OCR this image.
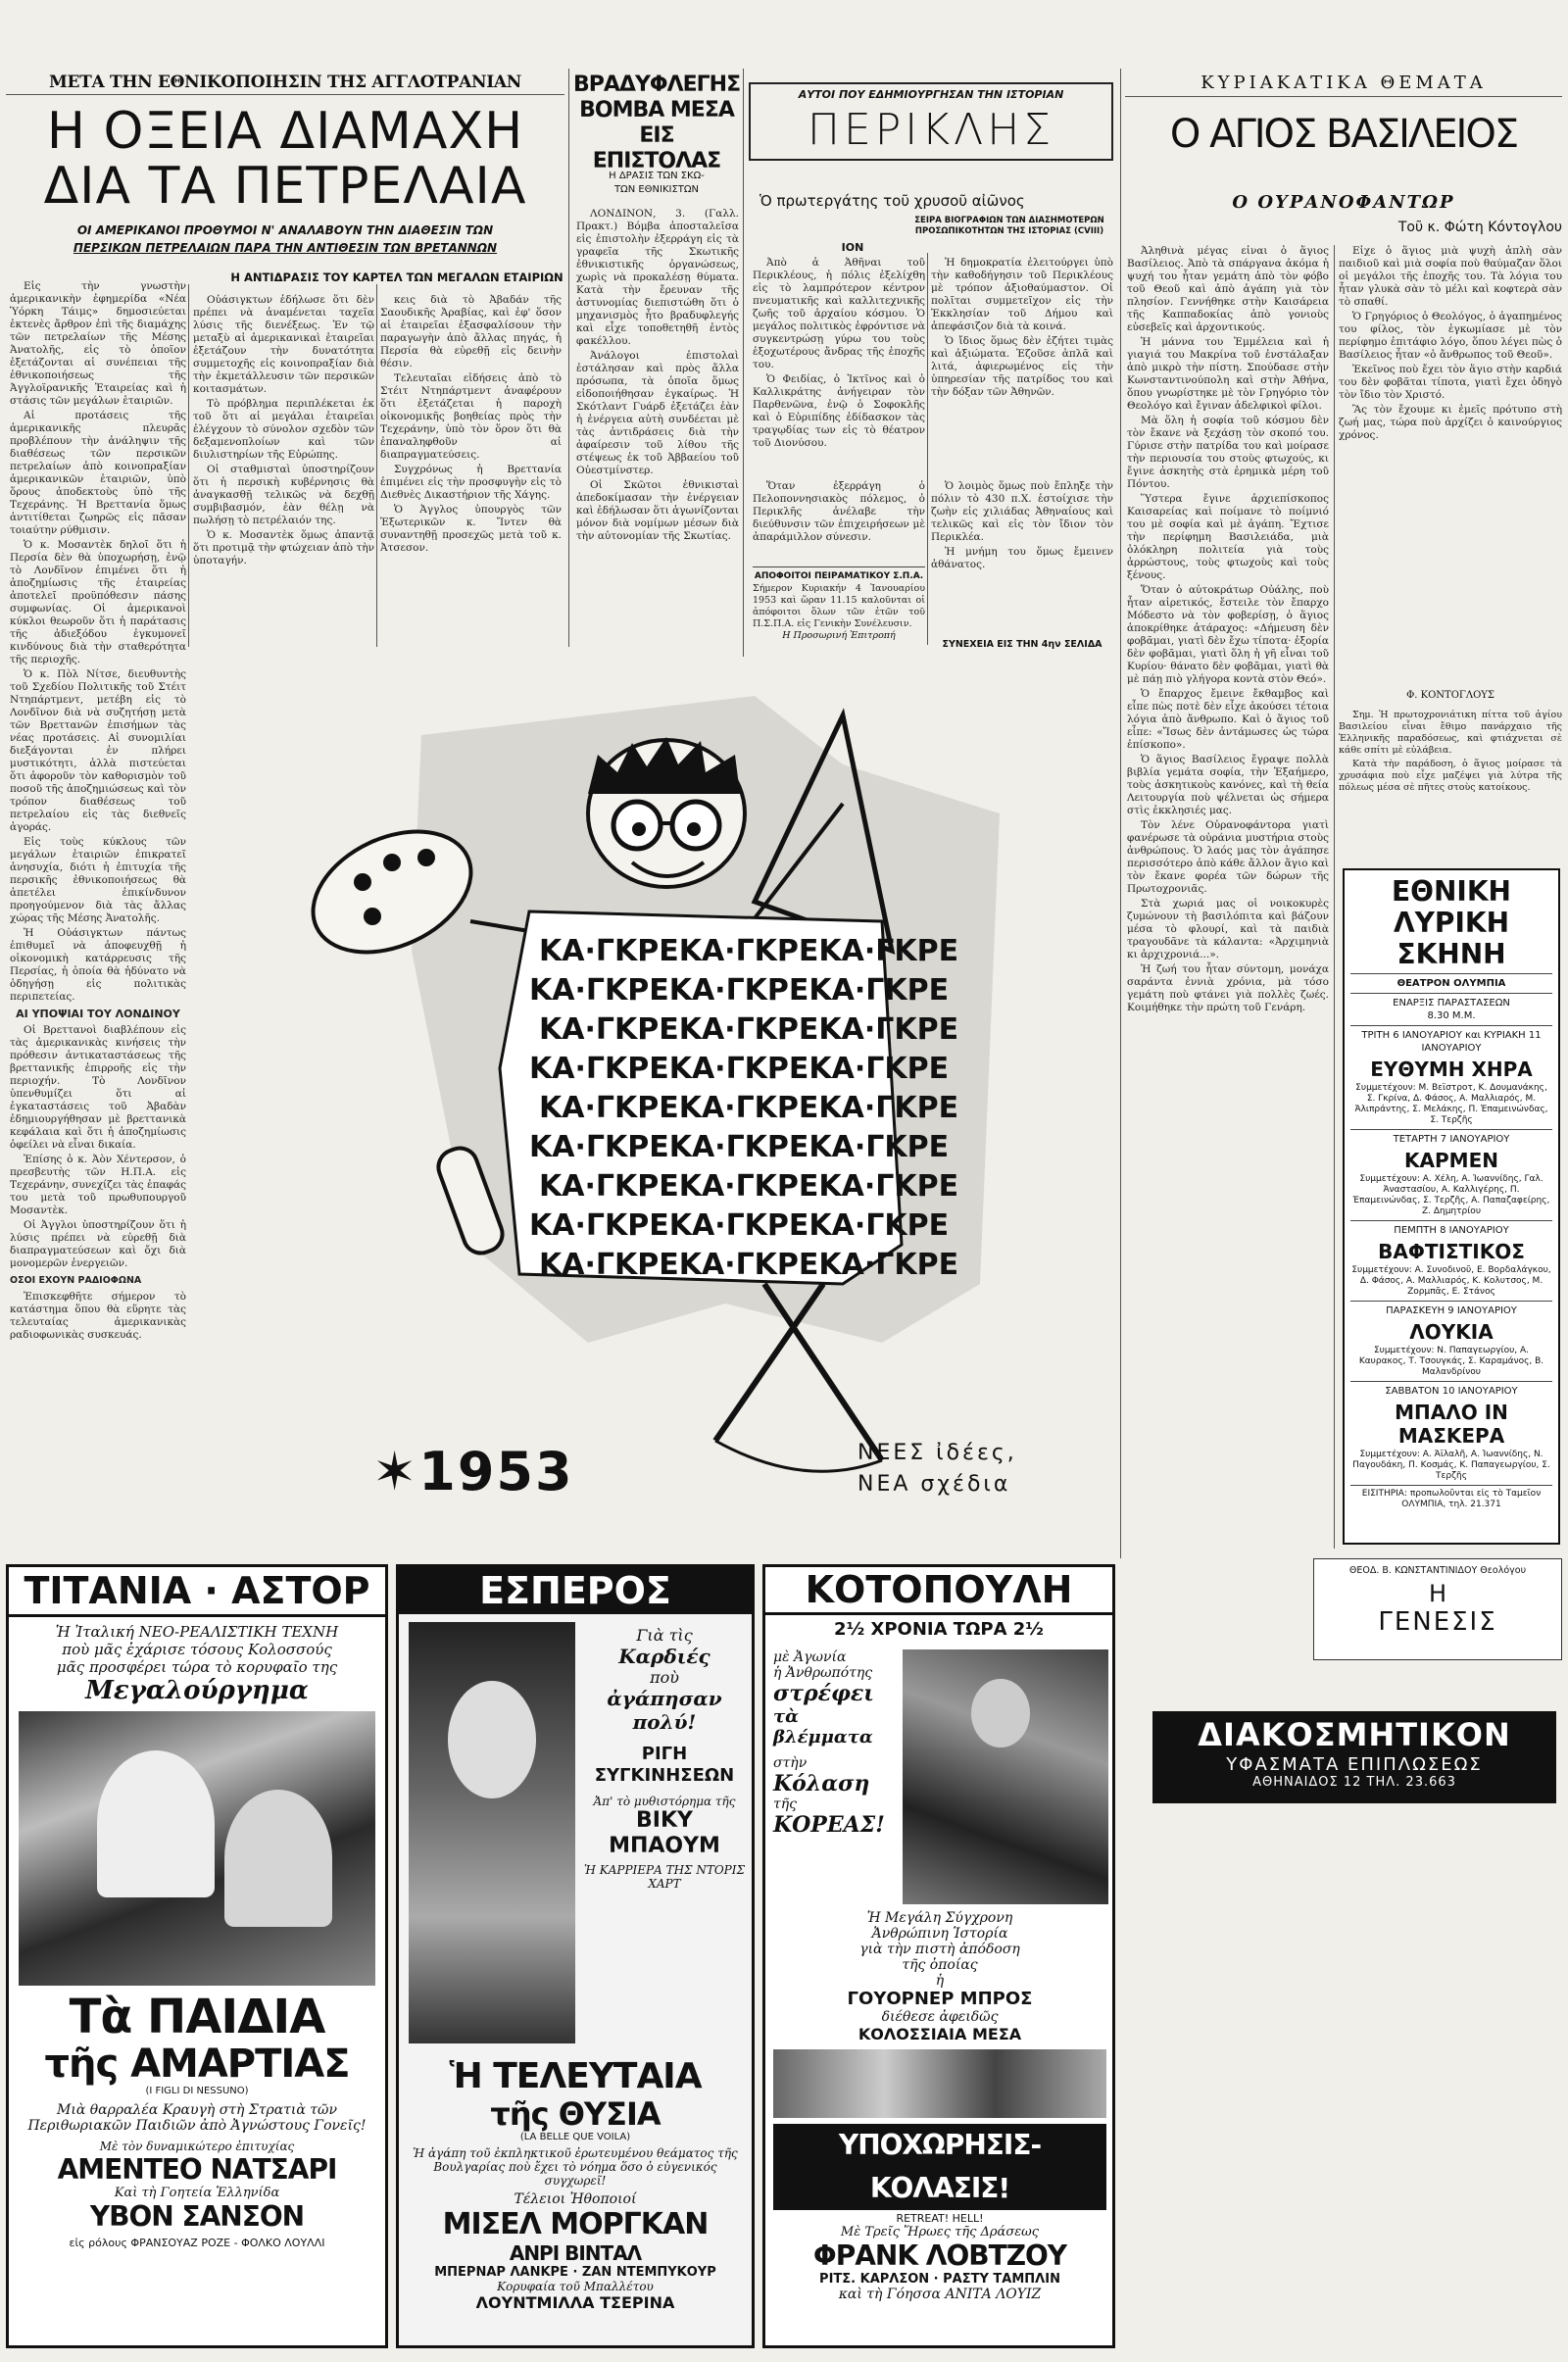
ΜΕΤΑ ΤΗΝ ΕΘΝΙΚΟΠΟΙΗΣΙΝ ΤΗΣ ΑΓΓΛΟΤΡΑΝΙΑΝ
Η ΟΞΕΙΑ ΔΙΑΜΑΧΗ
ΔΙΑ ΤΑ ΠΕΤΡΕΛΑΙΑ
ΟΙ ΑΜΕΡΙΚΑΝΟΙ ΠΡΟΘΥΜΟΙ Ν' ΑΝΑΛΑΒΟΥΝ ΤΗΝ ΔΙΑΘΕΣΙΝ ΤΩΝ
ΠΕΡΣΙΚΩΝ ΠΕΤΡΕΛΑΙΩΝ ΠΑΡΑ ΤΗΝ ΑΝΤΙΘΕΣΙΝ ΤΩΝ ΒΡΕΤΑΝΝΩΝ
Η ΑΝΤΙΔΡΑΣΙΣ ΤΟΥ ΚΑΡΤΕΛ ΤΩΝ ΜΕΓΑΛΩΝ ΕΤΑΙΡΙΩΝ

Εἰς τὴν γνωστὴν ἀμερικανικὴν ἐφημερίδα «Νέα Ὑόρκη Τάιμς» δημοσιεύεται ἐκτενὲς ἄρθρον ἐπὶ τῆς διαμάχης τῶν πετρελαίων τῆς Μέσης Ἀνατολῆς, εἰς τὸ ὁποῖον ἐξετάζονται αἱ συνέπειαι τῆς ἐθνικοποιήσεως τῆς Ἀγγλοϊρανικῆς Ἑταιρείας καὶ ἡ στάσις τῶν μεγάλων ἑταιριῶν.

Αἱ προτάσεις τῆς ἀμερικανικῆς πλευρᾶς προβλέπουν τὴν ἀνάληψιν τῆς διαθέσεως τῶν περσικῶν πετρελαίων ἀπὸ κοινοπραξίαν ἀμερικανικῶν ἑταιριῶν, ὑπὸ ὅρους ἀποδεκτοὺς ὑπὸ τῆς Τεχεράνης. Ἡ Βρεττανία ὅμως ἀντιτίθεται ζωηρῶς εἰς πᾶσαν τοιαύτην ρύθμισιν.

Ὁ κ. Μοσαντὲκ δηλοῖ ὅτι ἡ Περσία δὲν θὰ ὑποχωρήσῃ, ἐνῷ τὸ Λονδῖνον ἐπιμένει ὅτι ἡ ἀποζημίωσις τῆς ἑταιρείας ἀποτελεῖ προϋπόθεσιν πάσης συμφωνίας. Οἱ ἀμερικανοὶ κύκλοι θεωροῦν ὅτι ἡ παράτασις τῆς ἀδιεξόδου ἐγκυμονεῖ κινδύνους διὰ τὴν σταθερότητα τῆς περιοχῆς.

Ὁ κ. Πὸλ Νίτσε, διευθυντὴς τοῦ Σχεδίου Πολιτικῆς τοῦ Στέιτ Ντηπάρτμεντ, μετέβη εἰς τὸ Λονδῖνον διὰ νὰ συζητήσῃ μετὰ τῶν Βρεττανῶν ἐπισήμων τὰς νέας προτάσεις. Αἱ συνομιλίαι διεξάγονται ἐν πλήρει μυστικότητι, ἀλλὰ πιστεύεται ὅτι ἀφοροῦν τὸν καθορισμὸν τοῦ ποσοῦ τῆς ἀποζημιώσεως καὶ τὸν τρόπον διαθέσεως τοῦ πετρελαίου εἰς τὰς διεθνεῖς ἀγοράς.

Εἰς τοὺς κύκλους τῶν μεγάλων ἑταιριῶν ἐπικρατεῖ ἀνησυχία, διότι ἡ ἐπιτυχία τῆς περσικῆς ἐθνικοποιήσεως θὰ ἀπετέλει ἐπικίνδυνον προηγούμενον διὰ τὰς ἄλλας χώρας τῆς Μέσης Ἀνατολῆς.

Ἡ Οὐάσιγκτων πάντως ἐπιθυμεῖ νὰ ἀποφευχθῇ ἡ οἰκονομικὴ κατάρρευσις τῆς Περσίας, ἡ ὁποία θὰ ἠδύνατο νὰ ὁδηγήσῃ εἰς πολιτικὰς περιπετείας.

ΑΙ ΥΠΟΨΙΑΙ ΤΟΥ ΛΟΝΔΙΝΟΥ

Οἱ Βρεττανοὶ διαβλέπουν εἰς τὰς ἀμερικανικὰς κινήσεις τὴν πρόθεσιν ἀντικαταστάσεως τῆς βρεττανικῆς ἐπιρροῆς εἰς τὴν περιοχήν. Τὸ Λονδῖνον ὑπενθυμίζει ὅτι αἱ ἐγκαταστάσεις τοῦ Ἀβαδὰν ἐδημιουργήθησαν μὲ βρεττανικὰ κεφάλαια καὶ ὅτι ἡ ἀποζημίωσις ὀφείλει νὰ εἶναι δικαία.

Ἐπίσης ὁ κ. Ἀὸν Χέντερσον, ὁ πρεσβευτὴς τῶν Η.Π.Α. εἰς Τεχεράνην, συνεχίζει τὰς ἐπαφάς του μετὰ τοῦ πρωθυπουργοῦ Μοσαντὲκ.

Οἱ Ἀγγλοι ὑποστηρίζουν ὅτι ἡ λύσις πρέπει νὰ εὑρεθῇ διὰ διαπραγματεύσεων καὶ ὄχι διὰ μονομερῶν ἐνεργειῶν.

ΟΣΟΙ ΕΧΟΥΝ ΡΑΔΙΟΦΩΝΑ

Ἐπισκεφθῆτε σήμερον τὸ κατάστημα ὅπου θὰ εὕρητε τὰς τελευταίας ἀμερικανικὰς ραδιοφωνικὰς συσκευάς.

Οὐάσιγκτων ἐδήλωσε ὅτι δὲν πρέπει νὰ ἀναμένεται ταχεῖα λύσις τῆς διενέξεως. Ἐν τῷ μεταξὺ αἱ ἀμερικανικαὶ ἑταιρεῖαι ἐξετάζουν τὴν δυνατότητα συμμετοχῆς εἰς κοινοπραξίαν διὰ τὴν ἐκμετάλλευσιν τῶν περσικῶν κοιτασμάτων.

Τὸ πρόβλημα περιπλέκεται ἐκ τοῦ ὅτι αἱ μεγάλαι ἑταιρεῖαι ἐλέγχουν τὸ σύνολον σχεδὸν τῶν δεξαμενοπλοίων καὶ τῶν διυλιστηρίων τῆς Εὐρώπης.

Οἱ σταθμισταὶ ὑποστηρίζουν ὅτι ἡ περσικὴ κυβέρνησις θὰ ἀναγκασθῇ τελικῶς νὰ δεχθῇ συμβιβασμόν, ἐὰν θέλῃ νὰ πωλήσῃ τὸ πετρέλαιόν της.

Ὁ κ. Μοσαντὲκ ὅμως ἀπαντᾷ ὅτι προτιμᾷ τὴν φτώχειαν ἀπὸ τὴν ὑποταγήν.

κεις διὰ τὸ Ἀβαδάν τῆς Σαουδικῆς Ἀραβίας, καὶ ἐφ' ὅσον αἱ ἑταιρεῖαι ἐξασφαλίσουν τὴν παραγωγὴν ἀπὸ ἄλλας πηγάς, ἡ Περσία θὰ εὑρεθῇ εἰς δεινὴν θέσιν.

Τελευταῖαι εἰδήσεις ἀπὸ τὸ Στέιτ Ντηπάρτμεντ ἀναφέρουν ὅτι ἐξετάζεται ἡ παροχὴ οἰκονομικῆς βοηθείας πρὸς τὴν Τεχεράνην, ὑπὸ τὸν ὅρον ὅτι θὰ ἐπαναληφθοῦν αἱ διαπραγματεύσεις.

Συγχρόνως ἡ Βρεττανία ἐπιμένει εἰς τὴν προσφυγὴν εἰς τὸ Διεθνὲς Δικαστήριον τῆς Χάγης.

Ὁ Ἀγγλος ὑπουργὸς τῶν Ἐξωτερικῶν κ. Ἴντεν θὰ συναντηθῇ προσεχῶς μετὰ τοῦ κ. Ἀτσεσον.

ΒΡΑΔΥΦΛΕΓΗΣ
ΒΟΜΒΑ ΜΕΣΑ
ΕΙΣ ΕΠΙΣΤΟΛΑΣ
Η ΔΡΑΣΙΣ ΤΩΝ ΣΚΩ-
ΤΩΝ ΕΘΝΙΚΙΣΤΩΝ

ΛΟΝΔΙΝΟΝ, 3. (Γαλλ. Πρακτ.) Βόμβα ἀποσταλεῖσα εἰς ἐπιστολὴν ἐξερράγη εἰς τὰ γραφεῖα τῆς Σκωτικῆς ἐθνικιστικῆς ὀργανώσεως, χωρὶς νὰ προκαλέσῃ θύματα. Κατὰ τὴν ἔρευναν τῆς ἀστυνομίας διεπιστώθη ὅτι ὁ μηχανισμὸς ἦτο βραδυφλεγής καὶ εἶχε τοποθετηθῆ ἐντὸς φακέλλου.

Ἀνάλογοι ἐπιστολαὶ ἐστάλησαν καὶ πρὸς ἄλλα πρόσωπα, τὰ ὁποῖα ὅμως εἰδοποιήθησαν ἐγκαίρως. Ἡ Σκότλαντ Γυάρδ ἐξετάζει ἐὰν ἡ ἐνέργεια αὐτὴ συνδέεται μὲ τὰς ἀντιδράσεις διὰ τὴν ἀφαίρεσιν τοῦ λίθου τῆς στέψεως ἐκ τοῦ Ἀββαείου τοῦ Οὐεστμίνστερ.

Οἱ Σκῶτοι ἐθνικισταὶ ἀπεδοκίμασαν τὴν ἐνέργειαν καὶ ἐδήλωσαν ὅτι ἀγωνίζονται μόνον διὰ νομίμων μέσων διὰ τὴν αὐτονομίαν τῆς Σκωτίας.

ΑΥΤΟΙ ΠΟΥ ΕΔΗΜΙΟΥΡΓΗΣΑΝ ΤΗΝ ΙΣΤΟΡΙΑΝ
ΠΕΡΙΚΛΗΣ
Ὁ πρωτεργάτης τοῦ χρυσοῦ αἰῶνος
ΣΕΙΡΑ ΒΙΟΓΡΑΦΙΩΝ ΤΩΝ ΔΙΑΣΗΜΟΤΕΡΩΝ
ΠΡΟΣΩΠΙΚΟΤΗΤΩΝ ΤΗΣ ΙΣΤΟΡΙΑΣ (CVIII)
ΙΟΝ

Ἀπὸ ἀ Ἀθῆναι τοῦ Περικλέους, ἡ πόλις ἐξελίχθη εἰς τὸ λαμπρότερον κέντρον πνευματικῆς καὶ καλλιτεχνικῆς ζωῆς τοῦ ἀρχαίου κόσμου. Ὁ μεγάλος πολιτικὸς ἐφρόντισε νὰ συγκεντρώσῃ γύρω του τοὺς ἐξοχωτέρους ἄνδρας τῆς ἐποχῆς του.

Ὁ Φειδίας, ὁ Ἰκτῖνος καὶ ὁ Καλλικράτης ἀνήγειραν τὸν Παρθενῶνα, ἐνῷ ὁ Σοφοκλῆς καὶ ὁ Εὐριπίδης ἐδίδασκον τὰς τραγῳδίας των εἰς τὸ θέατρον τοῦ Διονύσου.

Ἡ δημοκρατία ἐλειτούργει ὑπὸ τὴν καθοδήγησιν τοῦ Περικλέους μὲ τρόπον ἀξιοθαύμαστον. Οἱ πολῖται συμμετεῖχον εἰς τὴν Ἐκκλησίαν τοῦ Δήμου καὶ ἀπεφάσιζον διὰ τὰ κοινά.

Ὁ ἴδιος ὅμως δὲν ἐζήτει τιμὰς καὶ ἀξιώματα. Ἐζοῦσε ἁπλᾶ καὶ λιτά, ἀφιερωμένος εἰς τὴν ὑπηρεσίαν τῆς πατρίδος του καὶ τὴν δόξαν τῶν Ἀθηνῶν.

Ὅταν ἐξερράγη ὁ Πελοποννησιακὸς πόλεμος, ὁ Περικλῆς ἀνέλαβε τὴν διεύθυνσιν τῶν ἐπιχειρήσεων μὲ ἀπαράμιλλον σύνεσιν.

Ὁ λοιμὸς ὅμως ποὺ ἔπληξε τὴν πόλιν τὸ 430 π.Χ. ἐστοίχισε τὴν ζωὴν εἰς χιλιάδας Ἀθηναίους καὶ τελικῶς καὶ εἰς τὸν ἴδιον τὸν Περικλέα.

Ἡ μνήμη του ὅμως ἔμεινεν ἀθάνατος.

ΣΥΝΕΧΕΙΑ ΕΙΣ ΤΗΝ 4ην ΣΕΛΙΔΑ
ΑΠΟΦΟΙΤΟΙ ΠΕΙΡΑΜΑΤΙΚΟΥ Σ.Π.Α.
Σήμερον Κυριακήν 4 Ἰανουαρίου 1953 καὶ ὥραν 11.15 καλοῦνται οἱ ἀπόφοιτοι ὅλων τῶν ἐτῶν τοῦ Π.Σ.Π.Α. εἰς Γενικὴν Συνέλευσιν.
Η Προσωρινή Ἐπιτροπή
ΚΥΡΙΑΚΑΤΙΚΑ ΘΕΜΑΤΑ
Ο ΑΓΙΟΣ ΒΑΣΙΛΕΙΟΣ
Ο ΟΥΡΑΝΟΦΑΝΤΩΡ
Τοῦ κ. Φώτη Κόντογλου

Ἀληθινὰ μέγας εἶναι ὁ ἅγιος Βασίλειος. Ἀπὸ τὰ σπάργανα ἀκόμα ἡ ψυχή του ἦταν γεμάτη ἀπὸ τὸν φόβο τοῦ Θεοῦ καὶ ἀπὸ ἀγάπη γιὰ τὸν πλησίον. Γεννήθηκε στὴν Καισάρεια τῆς Καππαδοκίας ἀπὸ γονιοὺς εὐσεβεῖς καὶ ἀρχοντικούς.

Ἡ μάννα του Ἐμμέλεια καὶ ἡ γιαγιά του Μακρίνα τοῦ ἐνστάλαξαν ἀπὸ μικρὸ τὴν πίστη. Σπούδασε στὴν Κωνσταντινούπολη καὶ στὴν Ἀθήνα, ὅπου γνωρίστηκε μὲ τὸν Γρηγόριο τὸν Θεολόγο καὶ ἔγιναν ἀδελφικοὶ φίλοι.

Μὰ ὅλη ἡ σοφία τοῦ κόσμου δὲν τὸν ἔκανε νὰ ξεχάσῃ τὸν σκοπό του. Γύρισε στὴν πατρίδα του καὶ μοίρασε τὴν περιουσία του στοὺς φτωχούς, κι ἔγινε ἀσκητὴς στὰ ἐρημικὰ μέρη τοῦ Πόντου.

Ὕστερα ἔγινε ἀρχιεπίσκοπος Καισαρείας καὶ ποίμανε τὸ ποίμνιό του μὲ σοφία καὶ μὲ ἀγάπη. Ἔχτισε τὴν περίφημη Βασιλειάδα, μιὰ ὁλόκληρη πολιτεία γιὰ τοὺς ἀρρώστους, τοὺς φτωχοὺς καὶ τοὺς ξένους.

Ὅταν ὁ αὐτοκράτωρ Οὐάλης, ποὺ ἦταν αἱρετικός, ἔστειλε τὸν ἔπαρχο Μόδεστο νὰ τὸν φοβερίσῃ, ὁ ἅγιος ἀποκρίθηκε ἀτάραχος: «Δήμευση δὲν φοβᾶμαι, γιατὶ δὲν ἔχω τίποτα· ἐξορία δὲν φοβᾶμαι, γιατὶ ὅλη ἡ γῆ εἶναι τοῦ Κυρίου· θάνατο δὲν φοβᾶμαι, γιατὶ θὰ μὲ πάῃ πιὸ γλήγορα κοντὰ στὸν Θεό».

Ὁ ἔπαρχος ἔμεινε ἔκθαμβος καὶ εἶπε πὼς ποτὲ δὲν εἶχε ἀκούσει τέτοια λόγια ἀπὸ ἄνθρωπο. Καὶ ὁ ἅγιος τοῦ εἶπε: «Ἴσως δὲν ἀντάμωσες ὡς τώρα ἐπίσκοπο».

Ὁ ἅγιος Βασίλειος ἔγραψε πολλὰ βιβλία γεμάτα σοφία, τὴν Ἑξαήμερο, τοὺς ἀσκητικοὺς κανόνες, καὶ τὴ θεία Λειτουργία ποὺ ψέλνεται ὡς σήμερα στὶς ἐκκλησιές μας.

Τὸν λένε Οὐρανοφάντορα γιατὶ φανέρωσε τὰ οὐράνια μυστήρια στοὺς ἀνθρώπους. Ὁ λαός μας τὸν ἀγάπησε περισσότερο ἀπὸ κάθε ἄλλον ἅγιο καὶ τὸν ἔκανε φορέα τῶν δώρων τῆς Πρωτοχρονιᾶς.

Στὰ χωριά μας οἱ νοικοκυρὲς ζυμώνουν τὴ βασιλόπιτα καὶ βάζουν μέσα τὸ φλουρί, καὶ τὰ παιδιὰ τραγουδᾶνε τὰ κάλαντα: «Ἀρχιμηνιὰ κι ἀρχιχρονιά...».

Ἡ ζωή του ἦταν σύντομη, μονάχα σαράντα ἐννιὰ χρόνια, μὰ τόσο γεμάτη ποὺ φτάνει γιὰ πολλὲς ζωές. Κοιμήθηκε τὴν πρώτη τοῦ Γενάρη.

Εἶχε ὁ ἅγιος μιὰ ψυχὴ ἁπλὴ σὰν παιδιοῦ καὶ μιὰ σοφία ποὺ θαύμαζαν ὅλοι οἱ μεγάλοι τῆς ἐποχῆς του. Τὰ λόγια του ἦταν γλυκὰ σὰν τὸ μέλι καὶ κοφτερὰ σὰν τὸ σπαθί.

Ὁ Γρηγόριος ὁ Θεολόγος, ὁ ἀγαπημένος του φίλος, τὸν ἐγκωμίασε μὲ τὸν περίφημο ἐπιτάφιο λόγο, ὅπου λέγει πὼς ὁ Βασίλειος ἦταν «ὁ ἄνθρωπος τοῦ Θεοῦ».

Ἐκεῖνος ποὺ ἔχει τὸν ἅγιο στὴν καρδιά του δὲν φοβᾶται τίποτα, γιατὶ ἔχει ὁδηγὸ τὸν ἴδιο τὸν Χριστό.

Ἂς τὸν ἔχουμε κι ἐμεῖς πρότυπο στὴ ζωή μας, τώρα ποὺ ἀρχίζει ὁ καινούργιος χρόνος.

Φ. ΚΟΝΤΟΓΛΟΥΣ

Σημ. Ἡ πρωτοχρονιάτικη πίττα τοῦ ἁγίου Βασιλείου εἶναι ἔθιμο πανάρχαιο τῆς Ἑλληνικῆς παραδόσεως, καὶ φτιάχνεται σὲ κάθε σπίτι μὲ εὐλάβεια.

Κατὰ τὴν παράδοση, ὁ ἅγιος μοίρασε τὰ χρυσάφια ποὺ εἶχε μαζέψει γιὰ λύτρα τῆς πόλεως μέσα σὲ πῆτες στοὺς κατοίκους.

ΕΘΝΙΚΗ
ΛΥΡΙΚΗ
ΣΚΗΝΗ
ΘΕΑΤΡΟΝ ΟΛΥΜΠΙΑ
ΕΝΑΡΞΙΣ ΠΑΡΑΣΤΑΣΕΩΝ
8.30 Μ.Μ.
ΤΡΙΤΗ 6 ΙΑΝΟΥΑΡΙΟΥ και ΚΥΡΙΑΚΗ 11 ΙΑΝΟΥΑΡΙΟΥ
ΕΥΘΥΜΗ ΧΗΡΑ
Συμμετέχουν: Μ. Βεϊστροτ, Κ. Δουμανάκης, Σ. Γκρίνα, Δ. Φάσος, Α. Μαλλιαρός, Μ. Ἀλιπράντης, Σ. Μελάκης, Π. Ἐπαμεινώνδας, Σ. Τερζῆς
ΤΕΤΑΡΤΗ 7 ΙΑΝΟΥΑΡΙΟΥ
ΚΑΡΜΕΝ
Συμμετέχουν: Α. Χέλη, Α. Ἰωαννίδης, Γαλ. Ἀναστασίου, Α. Καλλιγέρης, Π. Ἐπαμεινώνδας, Σ. Τερζῆς, Α. Παπαζαφείρης, Ζ. Δημητρίου
ΠΕΜΠΤΗ 8 ΙΑΝΟΥΑΡΙΟΥ
ΒΑΦΤΙΣΤΙΚΟΣ
Συμμετέχουν: Α. Συνοδινοῦ, Ε. Βορδαλάγκου, Δ. Φάσος, Α. Μαλλιαρός, Κ. Κολυτσος, Μ. Ζορμπᾶς, Ε. Στάνος
ΠΑΡΑΣΚΕΥΗ 9 ΙΑΝΟΥΑΡΙΟΥ
ΛΟΥΚΙΑ
Συμμετέχουν: Ν. Παπαγεωργίου, Α. Καυρακος, Τ. Τσουγκάς, Σ. Καραμάνος, Β. Μαλανδρίνου
ΣΑΒΒΑΤΟΝ 10 ΙΑΝΟΥΑΡΙΟΥ
ΜΠΑΛΟ ΙΝ ΜΑΣΚΕΡΑ
Συμμετέχουν: Α. Ἀϊλαλῆ, Α. Ἰωαννίδης, Ν. Παγουδάκη, Π. Κοσμάς, Κ. Παπαγεωργίου, Σ. Τερζῆς
ΕΙΣΙΤΗΡΙΑ: προπωλοῦνται εἰς τὸ Ταμεῖον ΟΛΥΜΠΙΑ, τηλ. 21.371
ΘΕΟΔ. Β. ΚΩΝΣΤΑΝΤΙΝΙΔΟΥ Θεολόγου
Η
ΓΕΝΕΣΙΣ
ΔΙΑΚΟΣΜΗΤΙΚΟΝ
ΥΦΑΣΜΑΤΑ ΕΠΙΠΛΩΣΕΩΣ
ΑΘΗΝΑΙΔΟΣ 12 ΤΗΛ. 23.663
ΚΑ·ΓΚΡΕΚΑ·ΓΚΡΕΚΑ·ΓΚΡΕ
ΚΑ·ΓΚΡΕΚΑ·ΓΚΡΕΚΑ·ΓΚΡΕ
ΚΑ·ΓΚΡΕΚΑ·ΓΚΡΕΚΑ·ΓΚΡΕ
ΚΑ·ΓΚΡΕΚΑ·ΓΚΡΕΚΑ·ΓΚΡΕ
ΚΑ·ΓΚΡΕΚΑ·ΓΚΡΕΚΑ·ΓΚΡΕ
ΚΑ·ΓΚΡΕΚΑ·ΓΚΡΕΚΑ·ΓΚΡΕ
ΚΑ·ΓΚΡΕΚΑ·ΓΚΡΕΚΑ·ΓΚΡΕ
ΚΑ·ΓΚΡΕΚΑ·ΓΚΡΕΚΑ·ΓΚΡΕ
ΚΑ·ΓΚΡΕΚΑ·ΓΚΡΕΚΑ·ΓΚΡΕ
✶1953	ΝΕΕΣ ἰδέες,
ΝΕΑ σχέδια
ΤΙΤΑΝΙΑ · ΑΣΤΟΡ
Ἡ Ἰταλική ΝΕΟ-ΡΕΑΛΙΣΤΙΚΗ ΤΕΧΝΗ
ποὺ μᾶς ἐχάρισε τόσους Κολοσσούς
μᾶς προσφέρει τώρα τὸ κορυφαῖο της
Μεγαλούργημα
Τὰ ΠΑΙΔΙΑ
τῆς ΑΜΑΡΤΙΑΣ
(I FIGLI DI NESSUNO)
Μιὰ θαρραλέα Κραυγὴ στὴ Στρατιὰ τῶν Περιθωριακῶν Παιδιῶν ἀπὸ Ἀγνώστους Γονεῖς!
Μὲ τὸν δυναμικώτερο ἐπιτυχίας
ΑΜΕΝΤΕΟ ΝΑΤΣΑΡΙ
Καὶ τὴ Γοητεία Ἑλληνίδα
ΥΒΟΝ ΣΑΝΣΟΝ
εἰς ρόλους ΦΡΑΝΣΟΥΑΖ ΡΟΖΕ - ΦΟΛΚΟ ΛΟΥΛΛΙ
ΕΣΠΕΡΟΣ
Γιὰ τὶς
Καρδιές
ποὺ
ἀγάπησαν
πολύ!
ΡΙΓΗ ΣΥΓΚΙΝΗΣΕΩΝ
Ἀπ' τὸ μυθιστόρημα τῆς
ΒΙΚΥ ΜΠΑΟΥΜ
Ἡ ΚΑΡΡΙΕΡΑ ΤΗΣ ΝΤΟΡΙΣ ΧΑΡΤ
Ἡ ΤΕΛΕΥΤΑΙΑ
τῆς ΘΥΣΙΑ
(LA BELLE QUE VOILA)
Ἡ ἀγάπη τοῦ ἐκπληκτικοῦ ἐρωτευμένου θεάματος τῆς Βουλγαρίας ποὺ ἔχει τὸ νόημα ὅσο ὁ εὐγενικός συγχωρεῖ!
Τέλειοι Ἠθοποιοί
ΜΙΣΕΛ ΜΟΡΓΚΑΝ
ΑΝΡΙ ΒΙΝΤΑΛ
ΜΠΕΡΝΑΡ ΛΑΝΚΡΕ · ΖΑΝ ΝΤΕΜΠΥΚΟΥΡ
Κορυφαία τοῦ Μπαλλέτου
ΛΟΥΝΤΜΙΛΛΑ ΤΣΕΡΙΝΑ
ΚΟΤΟΠΟΥΛΗ
2½ ΧΡΟΝΙΑ ΤΩΡΑ 2½
μὲ Ἀγωνία
ἡ Ἀνθρωπότης
στρέφει
τὰ βλέμματα
στὴν
Κόλαση
τῆς
ΚΟΡΕΑΣ!
Ἡ Μεγάλη Σύγχρονη
Ἀνθρώπινη Ἱστορία
γιὰ τὴν πιστὴ ἀπόδοση
τῆς ὁποίας
ἡ
ΓΟΥΟΡΝΕΡ ΜΠΡΟΣ
διέθεσε ἀφειδῶς
ΚΟΛΟΣΣΙΑΙΑ ΜΕΣΑ
ΥΠΟΧΩΡΗΣΙΣ-ΚΟΛΑΣΙΣ!
RETREAT! HELL!
Μὲ Τρεῖς Ἥρωες τῆς Δράσεως
ΦΡΑΝΚ ΛΟΒΤΖΟΥ
ΡΙΤΣ. ΚΑΡΛΣΟΝ · ΡΑΣΤΥ ΤΑΜΠΛΙΝ
καὶ τὴ Γόησσα ΑΝΙΤΑ ΛΟΥΙΖ
